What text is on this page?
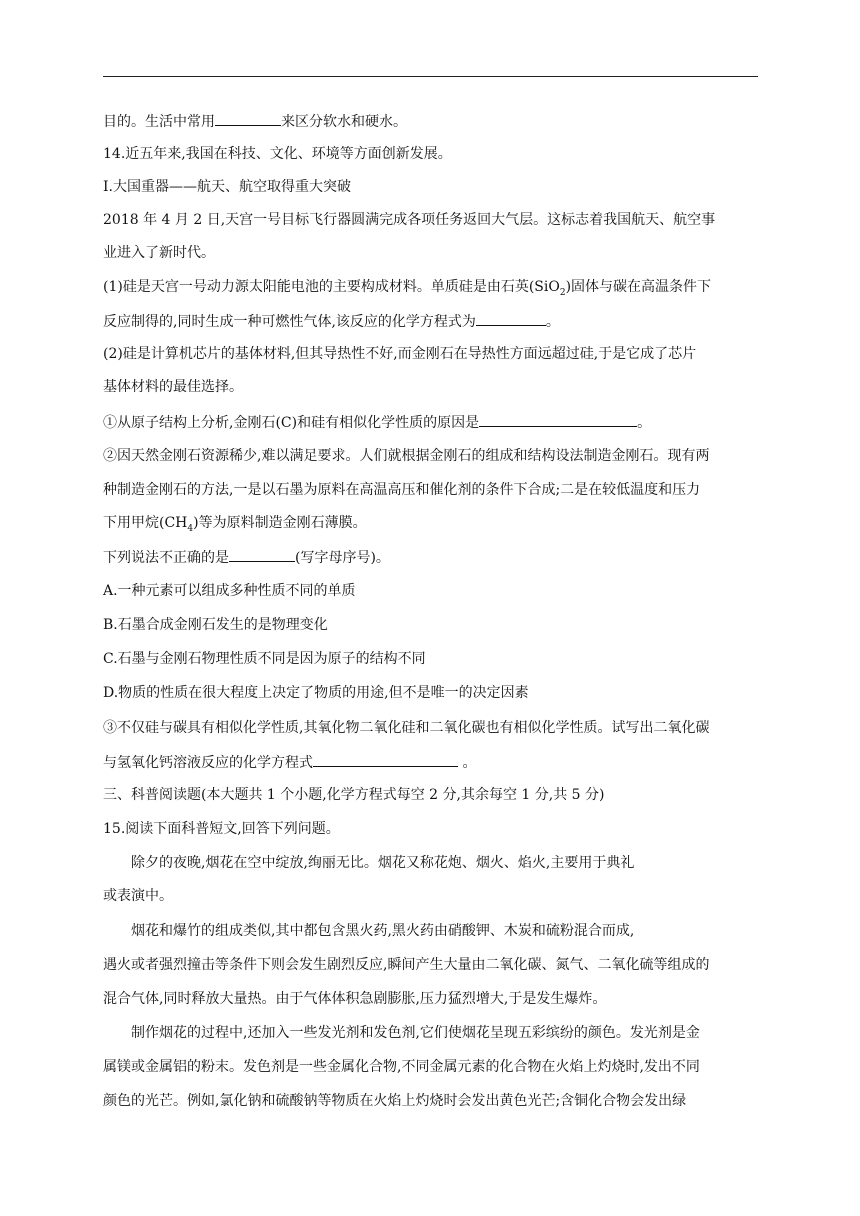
目的。生活中常用	来区分软水和硬水。
14.近五年来,我国在科技、文化、环境等方面创新发展。
I.大国重器——航天、航空取得重大突破
2018 年 4 月 2 日,天宫一号目标飞行器圆满完成各项任务返回大气层。这标志着我国航天、航空事
业进入了新时代。
(1)硅是天宫一号动力源太阳能电池的主要构成材料。单质硅是由石英(SiO$_2$)固体与碳在高温条件下
反应制得的,同时生成一种可燃性气体,该反应的化学方程式为	。
(2)硅是计算机芯片的基体材料,但其导热性不好,而金刚石在导热性方面远超过硅,于是它成了芯片
基体材料的最佳选择。
①从原子结构上分析,金刚石(C)和硅有相似化学性质的原因是	。
②因天然金刚石资源稀少,难以满足要求。人们就根据金刚石的组成和结构设法制造金刚石。现有两
种制造金刚石的方法,一是以石墨为原料在高温高压和催化剂的条件下合成;二是在较低温度和压力
下用甲烷$(CH_4)$等为原料制造金刚石薄膜。
下列说法不正确的是	(写字母序号)。
A.一种元素可以组成多种性质不同的单质
B.石墨合成金刚石发生的是物理变化
C.石墨与金刚石物理性质不同是因为原子的结构不同
D.物质的性质在很大程度上决定了物质的用途,但不是唯一的决定因素
③不仅硅与碳具有相似化学性质,其氧化物二氧化硅和二氧化碳也有相似化学性质。试写出二氧化碳
与氢氧化钙溶液反应的化学方程式	。
三、科普阅读题(本大题共 1 个小题,化学方程式每空 2 分,其余每空 1 分,共 5 分)
15.阅读下面科普短文,回答下列问题。
除夕的夜晚,烟花在空中绽放,绚丽无比。烟花又称花炮、烟火、焰火,主要用于典礼
或表演中。
烟花和爆竹的组成类似,其中都包含黑火药,黑火药由硝酸钾、木炭和硫粉混合而成,
遇火或者强烈撞击等条件下则会发生剧烈反应,瞬间产生大量由二氧化碳、氮气、二氧化硫等组成的
混合气体,同时释放大量热。由于气体体积急剧膨胀,压力猛烈增大,于是发生爆炸。
制作烟花的过程中,还加入一些发光剂和发色剂,它们使烟花呈现五彩缤纷的颜色。发光剂是金
属镁或金属铝的粉末。发色剂是一些金属化合物,不同金属元素的化合物在火焰上灼烧时,发出不同
颜色的光芒。例如,氯化钠和硫酸钠等物质在火焰上灼烧时会发出黄色光芒;含铜化合物会发出绿
